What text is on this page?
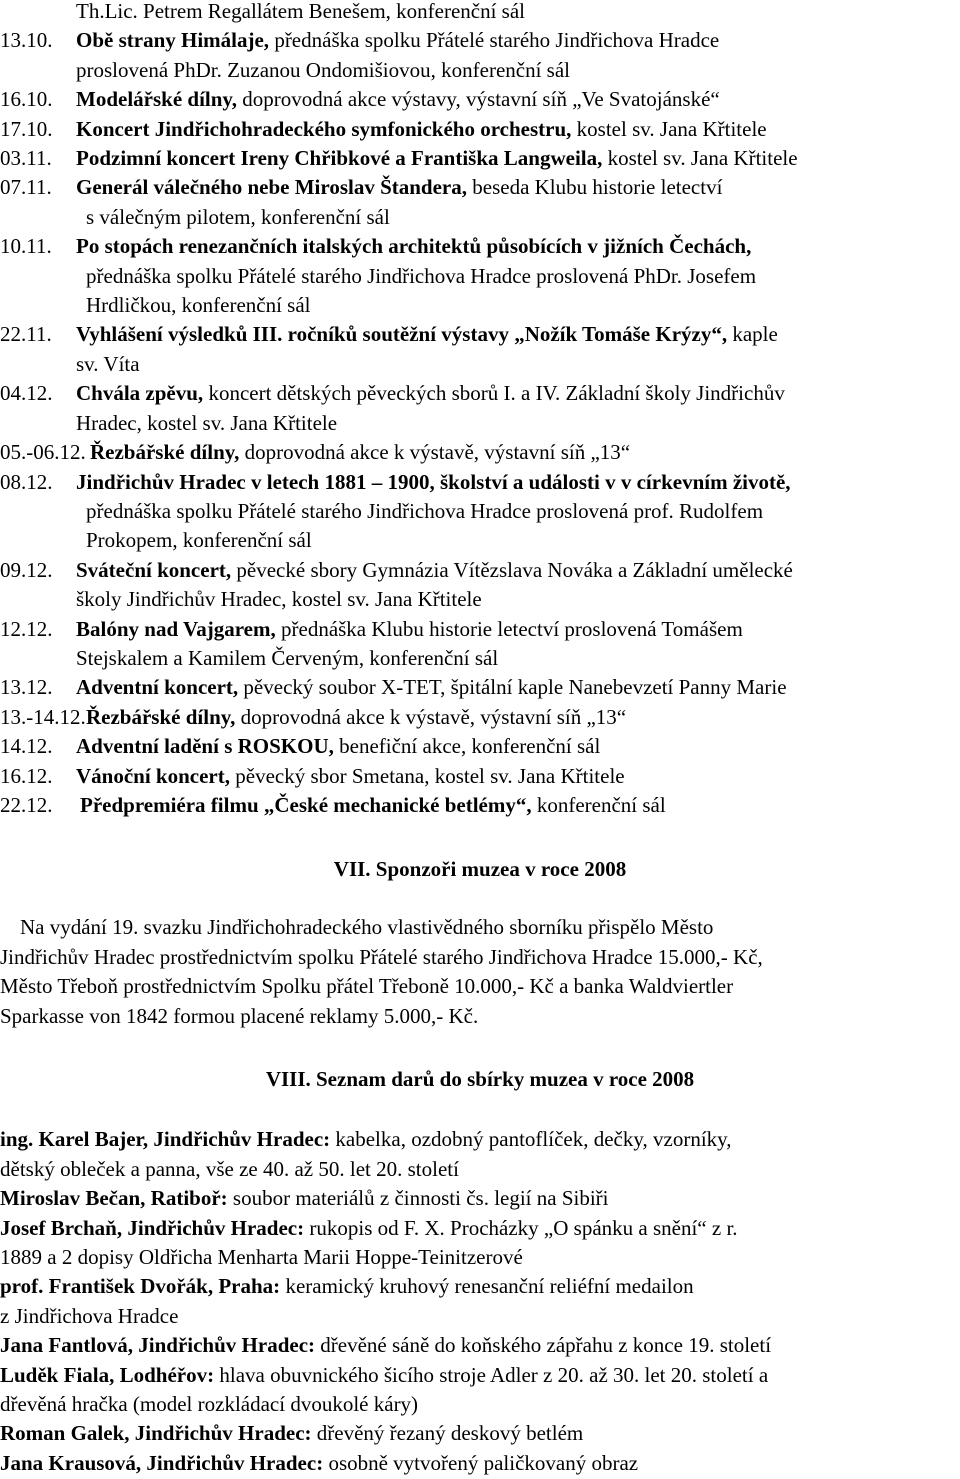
Th.Lic. Petrem Regallátem Benešem, konferenční sál
13.10. Obě strany Himálaje, přednáška spolku Přátelé starého Jindřichova Hradce
proslovená PhDr. Zuzanou Ondomišiovou, konferenční sál
16.10. Modelářské dílny, doprovodná akce výstavy, výstavní síň „Ve Svatojánské“
17.10. Koncert Jindřichohradeckého symfonického orchestru, kostel sv. Jana Křtitele
03.11. Podzimní koncert Ireny Chřibkové a Františka Langweila, kostel sv. Jana Křtitele
07.11. Generál válečného nebe Miroslav Štandera, beseda Klubu historie letectví
s válečným pilotem, konferenční sál
10.11. Po stopách renezančních italských architektů působících v jižních Čechách,
přednáška spolku Přátelé starého Jindřichova Hradce proslovená PhDr. Josefem
Hrdličkou, konferenční sál
22.11. Vyhlášení výsledků III. ročníků soutěžní výstavy „Nožík Tomáše Krýzy“, kaple
sv. Víta
04.12. Chvála zpěvu, koncert dětských pěveckých sborů I. a IV. Základní školy Jindřichův
Hradec, kostel sv. Jana Křtitele
05.-06.12. Řezbářské dílny, doprovodná akce k výstavě, výstavní síň „13“
08.12. Jindřichův Hradec v letech 1881 – 1900, školství a události v v církevním životě,
přednáška spolku Přátelé starého Jindřichova Hradce proslovená prof. Rudolfem
Prokopem, konferenční sál
09.12. Sváteční koncert, pěvecké sbory Gymnázia Vítězslava Nováka a Základní umělecké
školy Jindřichův Hradec, kostel sv. Jana Křtitele
12.12. Balóny nad Vajgarem, přednáška Klubu historie letectví proslovená Tomášem
Stejskalem a Kamilem Červeným, konferenční sál
13.12. Adventní koncert, pěvecký soubor X-TET, špitální kaple Nanebevzetí Panny Marie
13.-14.12. Řezbářské dílny, doprovodná akce k výstavě, výstavní síň „13“
14.12. Adventní ladění s ROSKOU, benefiční akce, konferenční sál
16.12. Vánoční koncert, pěvecký sbor Smetana, kostel sv. Jana Křtitele
22.12. Předpremiéra filmu „České mechanické betlémy“, konferenční sál
VII. Sponzoři muzea v roce 2008
Na vydání 19. svazku Jindřichohradeckého vlastivědného sborníku přispělo Město
Jindřichův Hradec prostřednictvím spolku Přátelé starého Jindřichova Hradce 15.000,- Kč,
Město Třeboň prostřednictvím Spolku přátel Třeboně 10.000,- Kč a banka Waldviertler
Sparkasse von 1842 formou placené reklamy 5.000,- Kč.
VIII. Seznam darů do sbírky muzea v roce 2008
ing. Karel Bajer, Jindřichův Hradec: kabelka, ozdobný pantoflíček, dečky, vzorníky,
dětský obleček a panna, vše ze 40. až 50. let 20. století
Miroslav Bečan, Ratiboř: soubor materiálů z činnosti čs. legií na Sibiři
Josef Brchaň, Jindřichův Hradec: rukopis od F. X. Procházky „O spánku a snění“ z r.
1889 a 2 dopisy Oldřicha Menharta Marii Hoppe-Teinitzerové
prof. František Dvořák, Praha: keramický kruhový renesanční reliéfní medailon
z Jindřichova Hradce
Jana Fantlová, Jindřichův Hradec: dřevěné sáně do koňského zápřahu z konce 19. století
Luděk Fiala, Lodhéřov: hlava obuvnického šicího stroje Adler z 20. až 30. let 20. století a
dřevěná hračka (model rozkládací dvoukolé káry)
Roman Galek, Jindřichův Hradec: dřevěný řezaný deskový betlém
Jana Krausová, Jindřichův Hradec: osobně vytvořený paličkovaný obraz
